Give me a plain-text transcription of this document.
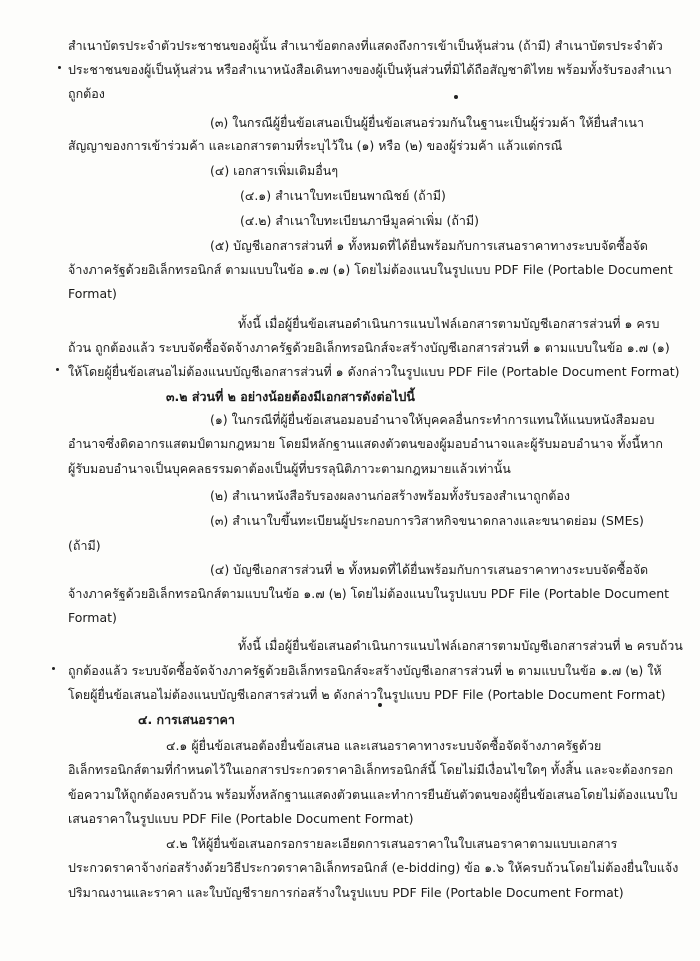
สำเนาบัตรประจำตัวประชาชนของผู้นั้น สำเนาข้อตกลงที่แสดงถึงการเข้าเป็นหุ้นส่วน (ถ้ามี) สำเนาบัตรประจำตัว
ประชาชนของผู้เป็นหุ้นส่วน หรือสำเนาหนังสือเดินทางของผู้เป็นหุ้นส่วนที่มิได้ถือสัญชาติไทย พร้อมทั้งรับรองสำเนา
ถูกต้อง
(๓) ในกรณีผู้ยื่นข้อเสนอเป็นผู้ยื่นข้อเสนอร่วมกันในฐานะเป็นผู้ร่วมค้า ให้ยื่นสำเนา
สัญญาของการเข้าร่วมค้า และเอกสารตามที่ระบุไว้ใน (๑) หรือ (๒) ของผู้ร่วมค้า แล้วแต่กรณี
(๔) เอกสารเพิ่มเติมอื่นๆ
(๔.๑) สำเนาใบทะเบียนพาณิชย์ (ถ้ามี)
(๔.๒) สำเนาใบทะเบียนภาษีมูลค่าเพิ่ม (ถ้ามี)
(๕) บัญชีเอกสารส่วนที่ ๑ ทั้งหมดที่ได้ยื่นพร้อมกับการเสนอราคาทางระบบจัดซื้อจัด
จ้างภาครัฐด้วยอิเล็กทรอนิกส์ ตามแบบในข้อ ๑.๗ (๑) โดยไม่ต้องแนบในรูปแบบ PDF File (Portable Document
Format)
ทั้งนี้ เมื่อผู้ยื่นข้อเสนอดำเนินการแนบไฟล์เอกสารตามบัญชีเอกสารส่วนที่ ๑ ครบ
ถ้วน ถูกต้องแล้ว ระบบจัดซื้อจัดจ้างภาครัฐด้วยอิเล็กทรอนิกส์จะสร้างบัญชีเอกสารส่วนที่ ๑ ตามแบบในข้อ ๑.๗ (๑)
ให้โดยผู้ยื่นข้อเสนอไม่ต้องแนบบัญชีเอกสารส่วนที่ ๑ ดังกล่าวในรูปแบบ PDF File (Portable Document Format)
๓.๒ ส่วนที่ ๒ อย่างน้อยต้องมีเอกสารดังต่อไปนี้
(๑) ในกรณีที่ผู้ยื่นข้อเสนอมอบอำนาจให้บุคคลอื่นกระทำการแทนให้แนบหนังสือมอบ
อำนาจซึ่งติดอากรแสตมป์ตามกฎหมาย โดยมีหลักฐานแสดงตัวตนของผู้มอบอำนาจและผู้รับมอบอำนาจ ทั้งนี้หาก
ผู้รับมอบอำนาจเป็นบุคคลธรรมดาต้องเป็นผู้ที่บรรลุนิติภาวะตามกฎหมายแล้วเท่านั้น
(๒) สำเนาหนังสือรับรองผลงานก่อสร้างพร้อมทั้งรับรองสำเนาถูกต้อง
(๓) สำเนาใบขึ้นทะเบียนผู้ประกอบการวิสาหกิจขนาดกลางและขนาดย่อม (SMEs)
(ถ้ามี)
(๔) บัญชีเอกสารส่วนที่ ๒ ทั้งหมดที่ได้ยื่นพร้อมกับการเสนอราคาทางระบบจัดซื้อจัด
จ้างภาครัฐด้วยอิเล็กทรอนิกส์ตามแบบในข้อ ๑.๗ (๒) โดยไม่ต้องแนบในรูปแบบ PDF File (Portable Document
Format)
ทั้งนี้ เมื่อผู้ยื่นข้อเสนอดำเนินการแนบไฟล์เอกสารตามบัญชีเอกสารส่วนที่ ๒ ครบถ้วน
ถูกต้องแล้ว ระบบจัดซื้อจัดจ้างภาครัฐด้วยอิเล็กทรอนิกส์จะสร้างบัญชีเอกสารส่วนที่ ๒ ตามแบบในข้อ ๑.๗ (๒) ให้
โดยผู้ยื่นข้อเสนอไม่ต้องแนบบัญชีเอกสารส่วนที่ ๒ ดังกล่าวในรูปแบบ PDF File (Portable Document Format)
๔. การเสนอราคา
๔.๑ ผู้ยื่นข้อเสนอต้องยื่นข้อเสนอ และเสนอราคาทางระบบจัดซื้อจัดจ้างภาครัฐด้วย
อิเล็กทรอนิกส์ตามที่กำหนดไว้ในเอกสารประกวดราคาอิเล็กทรอนิกส์นี้ โดยไม่มีเงื่อนไขใดๆ ทั้งสิ้น และจะต้องกรอก
ข้อความให้ถูกต้องครบถ้วน พร้อมทั้งหลักฐานแสดงตัวตนและทำการยืนยันตัวตนของผู้ยื่นข้อเสนอโดยไม่ต้องแนบใบ
เสนอราคาในรูปแบบ PDF File (Portable Document Format)
๔.๒ ให้ผู้ยื่นข้อเสนอกรอกรายละเอียดการเสนอราคาในใบเสนอราคาตามแบบเอกสาร
ประกวดราคาจ้างก่อสร้างด้วยวิธีประกวดราคาอิเล็กทรอนิกส์ (e-bidding) ข้อ ๑.๖ ให้ครบถ้วนโดยไม่ต้องยื่นใบแจ้ง
ปริมาณงานและราคา และใบบัญชีรายการก่อสร้างในรูปแบบ PDF File (Portable Document Format)
